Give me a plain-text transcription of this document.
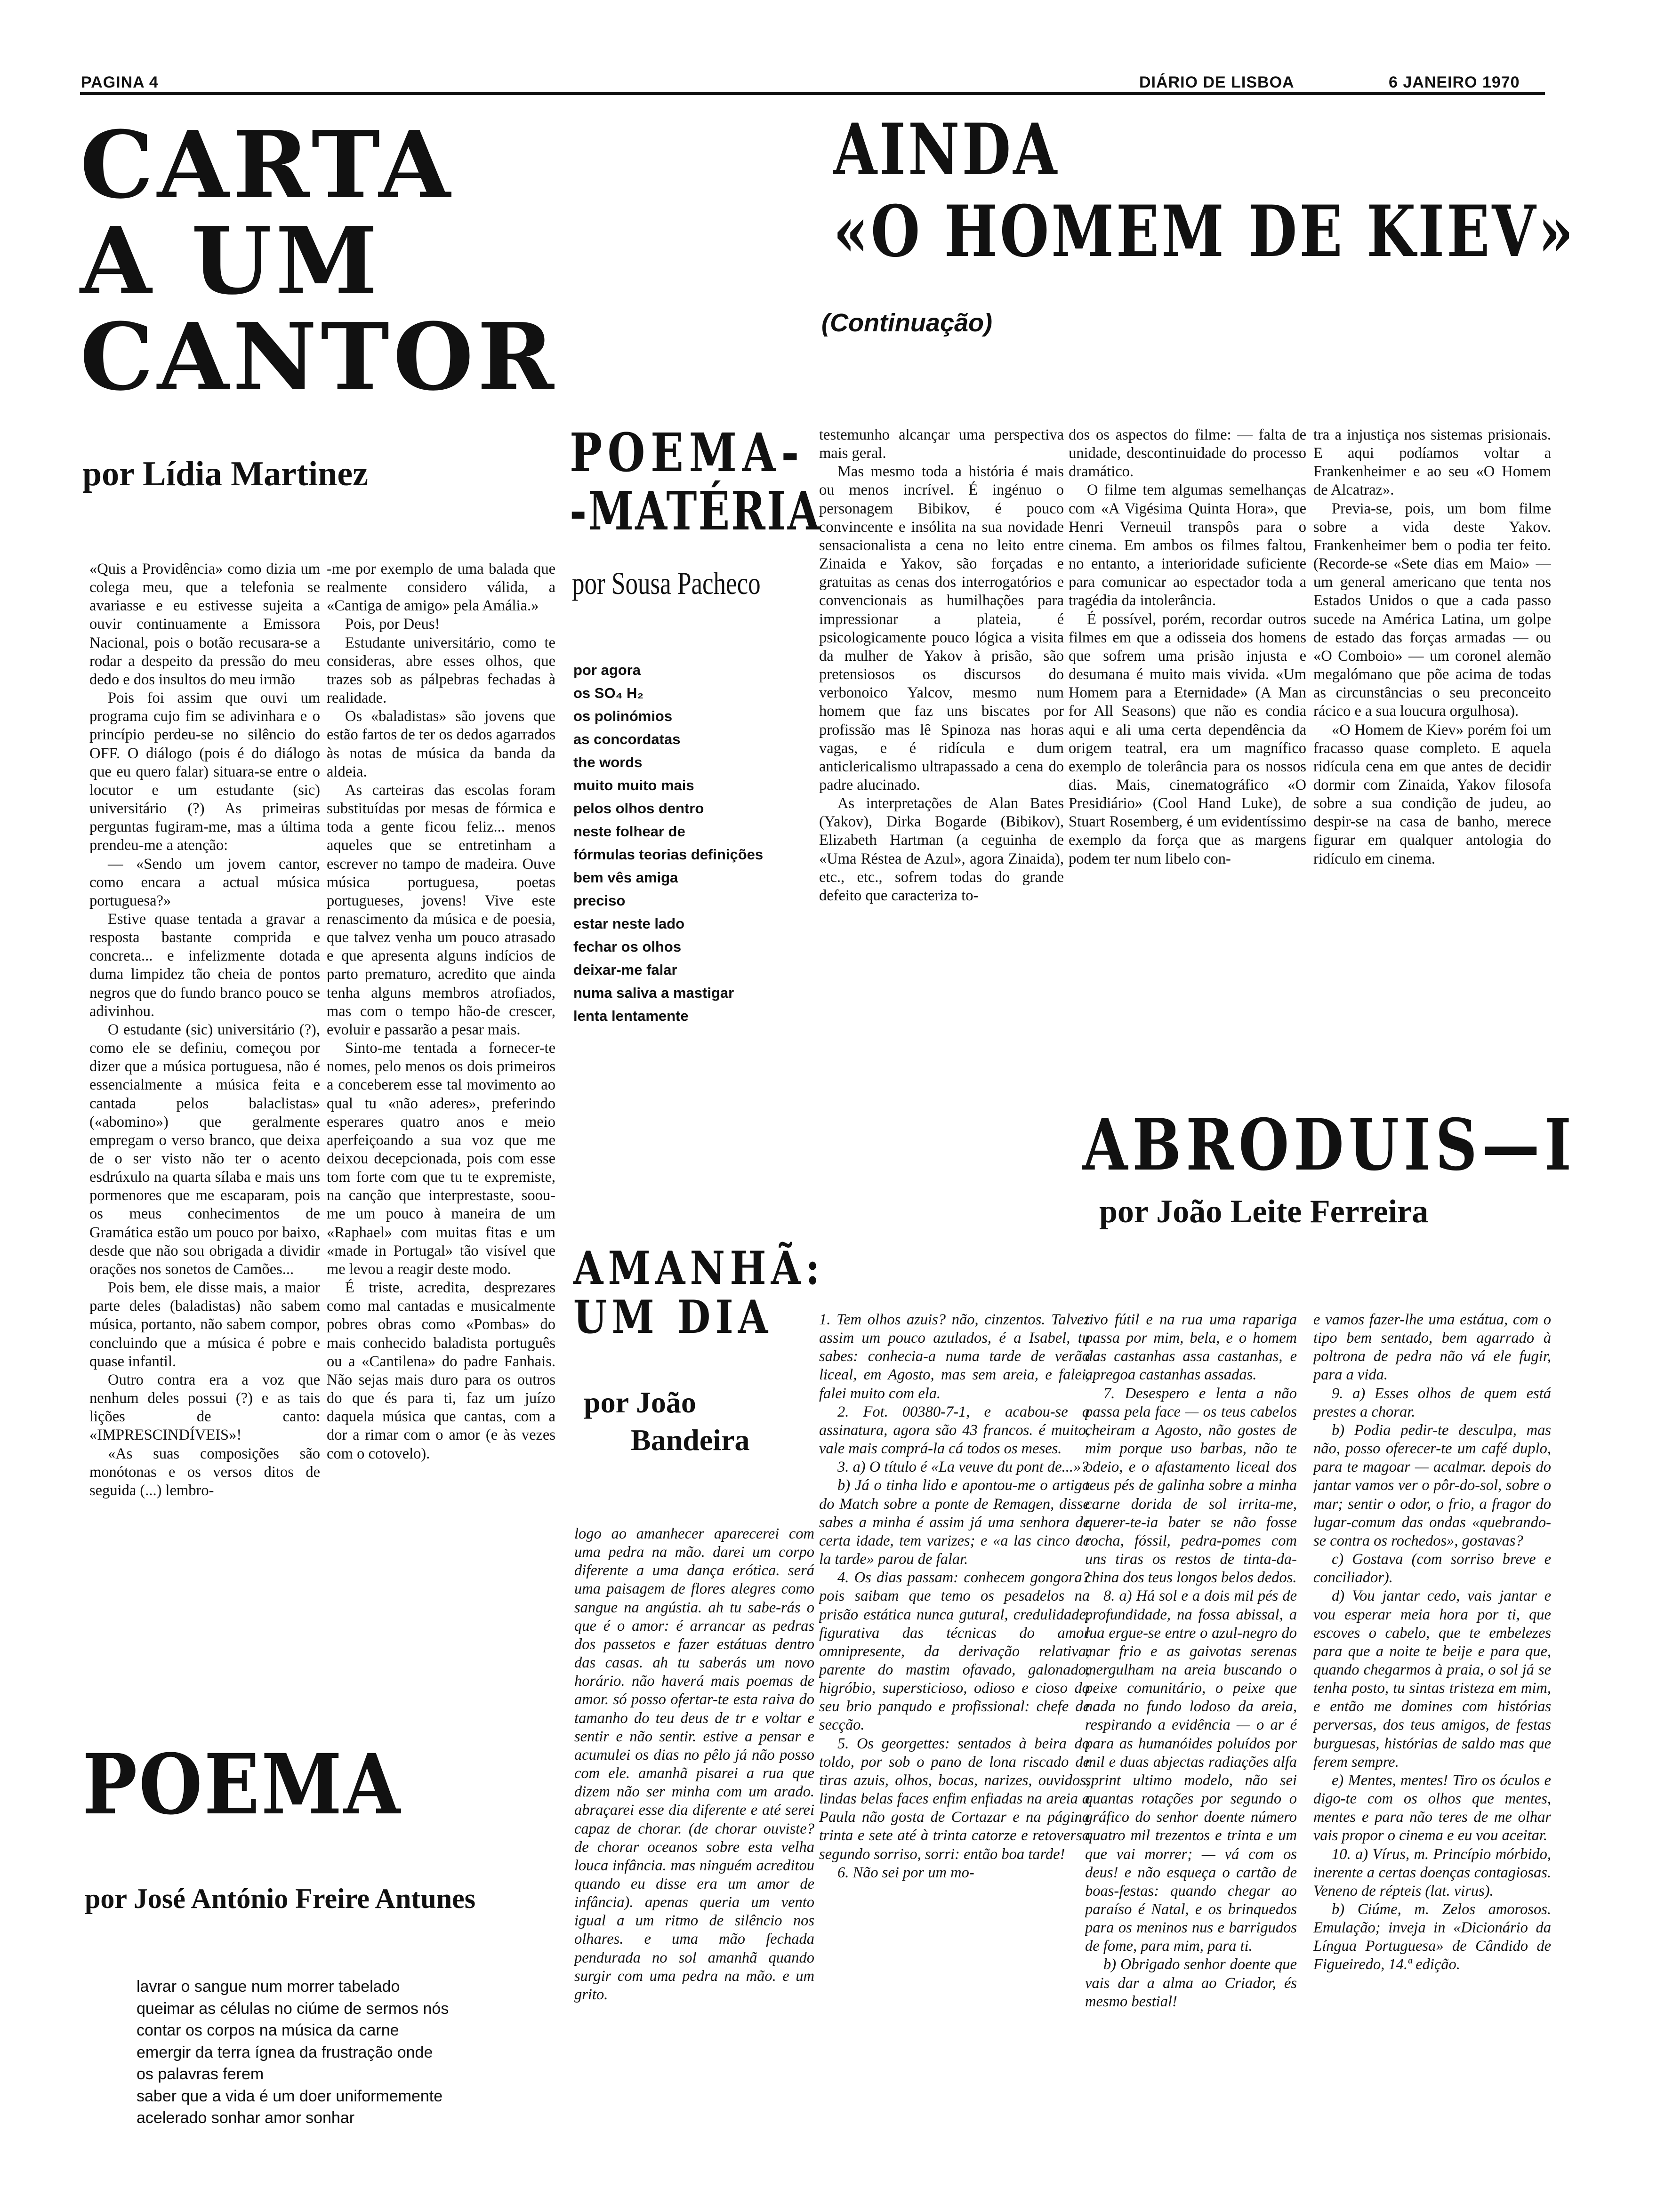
PAGINA 4	DIÁRIO DE LISBOA	6 JANEIRO 1970
CARTA
A UM
CANTOR
por Lídia Martinez

«Quis a Providência» como dizia um colega meu, que a telefonia se avariasse e eu estivesse sujeita a ouvir continuamente a Emissora Nacional, pois o botão recusara-se a rodar a despeito da pressão do meu dedo e dos insultos do meu irmão

Pois foi assim que ouvi um programa cujo fim se adivinhara e o princípio perdeu-se no silêncio do OFF. O diálogo (pois é do diálogo que eu quero falar) situara-se entre o locutor e um estudante (sic) universitário (?) As primeiras perguntas fugiram-me, mas a última prendeu-me a atenção:

— «Sendo um jovem cantor, como encara a actual música portuguesa?»

Estive quase tentada a gravar a resposta bastante comprida e concreta... e infelizmente dotada duma limpidez tão cheia de pontos negros que do fundo branco pouco se adivinhou.

O estudante (sic) universitário (?), como ele se definiu, começou por dizer que a música portuguesa, não é essencialmente a música feita e cantada pelos balaclistas» («abomino») que geralmente empregam o verso branco, que deixa de o ser visto não ter o acento esdrúxulo na quarta sílaba e mais uns pormenores que me escaparam, pois os meus conhecimentos de Gramática estão um pouco por baixo, desde que não sou obrigada a dividir orações nos sonetos de Camões...

Pois bem, ele disse mais, a maior parte deles (baladistas) não sabem música, portanto, não sabem compor, concluindo que a música é pobre e quase infantil.

Outro contra era a voz que nenhum deles possui (?) e as tais lições de canto: «IMPRESCINDÍVEIS»!

«As suas composições são monótonas e os versos ditos de seguida (...) lembro-

-me por exemplo de uma balada que realmente considero válida, a «Cantiga de amigo» pela Amália.»

Pois, por Deus!

Estudante universitário, como te consideras, abre esses olhos, que trazes sob as pálpebras fechadas à realidade.

Os «baladistas» são jovens que estão fartos de ter os dedos agarrados às notas de música da banda da aldeia.

As carteiras das escolas foram substituídas por mesas de fórmica e toda a gente ficou feliz... menos aqueles que se entretinham a escrever no tampo de madeira. Ouve música portuguesa, poetas portugueses, jovens! Vive este renascimento da música e de poesia, que talvez venha um pouco atrasado e que apresenta alguns indícios de parto prematuro, acredito que ainda tenha alguns membros atrofiados, mas com o tempo hão-de crescer, evoluir e passarão a pesar mais.

Sinto-me tentada a fornecer-te nomes, pelo menos os dois primeiros a conceberem esse tal movimento ao qual tu «não aderes», preferindo esperares quatro anos e meio aperfeiçoando a sua voz que me deixou decepcionada, pois com esse tom forte com que tu te expremiste, na canção que interprestaste, soou-me um pouco à maneira de um «Raphael» com muitas fitas e um «made in Portugal» tão visível que me levou a reagir deste modo.

É triste, acredita, desprezares como mal cantadas e musicalmente pobres obras como «Pombas» do mais conhecido baladista português ou a «Cantilena» do padre Fanhais. Não sejas mais duro para os outros do que és para ti, faz um juízo daquela música que cantas, com a dor a rimar com o amor (e às vezes com o cotovelo).

POEMA-
-MATÉRIA
por Sousa Pacheco
por agora
os SO₄ H₂
os polinómios
as concordatas
the words
muito muito mais
pelos olhos dentro
neste folhear de
fórmulas teorias definições
bem vês amiga
preciso
estar neste lado
fechar os olhos
deixar-me falar
numa saliva a mastigar
lenta lentamente
AINDA
«O HOMEM DE KIEV»
(Continuação)

testemunho alcançar uma perspectiva mais geral.

Mas mesmo toda a história é mais ou menos incrível. É ingénuo o personagem Bibikov, é pouco convincente e insólita na sua novidade sensacionalista a cena no leito entre Zinaida e Yakov, são forçadas e gratuitas as cenas dos interrogatórios e convencionais as humilhações para impressionar a plateia, é psicologicamente pouco lógica a visita da mulher de Yakov à prisão, são pretensiosos os discursos do verbonoico Yalcov, mesmo num homem que faz uns biscates por profissão mas lê Spinoza nas horas vagas, e é ridícula e dum anticlericalismo ultrapassado a cena do padre alucinado.

As interpretações de Alan Bates (Yakov), Dirka Bogarde (Bibikov), Elizabeth Hartman (a ceguinha de «Uma Réstea de Azul», agora Zinaida), etc., etc., sofrem todas do grande defeito que caracteriza to-

dos os aspectos do filme: — falta de unidade, descontinuidade do processo dramático.

O filme tem algumas semelhanças com «A Vigésima Quinta Hora», que Henri Verneuil transpôs para o cinema. Em ambos os filmes faltou, no entanto, a interioridade suficiente para comunicar ao espectador toda a tragédia da intolerância.

É possível, porém, recordar outros filmes em que a odisseia dos homens que sofrem uma prisão injusta e desumana é muito mais vivida. «Um Homem para a Eternidade» (A Man for All Seasons) que não es condia aqui e ali uma certa dependência da origem teatral, era um magnífico exemplo de tolerância para os nossos dias. Mais, cinematográfico «O Presidiário» (Cool Hand Luke), de Stuart Rosemberg, é um evidentíssimo exemplo da força que as margens podem ter num libelo con-

tra a injustiça nos sistemas prisionais. E aqui podíamos voltar a Frankenheimer e ao seu «O Homem de Alcatraz».

Previa-se, pois, um bom filme sobre a vida deste Yakov. Frankenheimer bem o podia ter feito. (Recorde-se «Sete dias em Maio» — um general americano que tenta nos Estados Unidos o que a cada passo sucede na América Latina, um golpe de estado das forças armadas — ou «O Comboio» — um coronel alemão megalómano que põe acima de todas as circunstâncias o seu preconceito rácico e a sua loucura orgulhosa).

«O Homem de Kiev» porém foi um fracasso quase completo. E aquela ridícula cena em que antes de decidir dormir com Zinaida, Yakov filosofa sobre a sua condição de judeu, ao despir-se na casa de banho, merece figurar em qualquer antologia do ridículo em cinema.

ABRODUIS—I
por João Leite Ferreira

1. Tem olhos azuis? não, cinzentos. Talvez assim um pouco azulados, é a Isabel, tu sabes: conhecia-a numa tarde de verão liceal, em Agosto, mas sem areia, e falei, falei muito com ela.

2. Fot. 00380-7-1, e acabou-se a assinatura, agora são 43 francos. é muito, vale mais comprá-la cá todos os meses.

3. a) O título é «La veuve du pont de...»?

b) Já o tinha lido e apontou-me o artigo do Match sobre a ponte de Remagen, disse sabes a minha é assim já uma senhora de certa idade, tem varizes; e «a las cinco de la tarde» parou de falar.

4. Os dias passam: conhecem gongora? pois saibam que temo os pesadelos na prisão estática nunca gutural, credulidade, figurativa das técnicas do amor omnipresente, da derivação relativa, parente do mastim ofavado, galonado, higróbio, supersticioso, odioso e cioso do seu brio panqudo e profissional: chefe de secção.

5. Os georgettes: sentados à beira do toldo, por sob o pano de lona riscado de tiras azuis, olhos, bocas, narizes, ouvidos, lindas belas faces enfim enfiadas na areia a Paula não gosta de Cortazar e na página trinta e sete até à trinta catorze e retoverso segundo sorriso, sorri: então boa tarde!

6. Não sei por um mo-

tivo fútil e na rua uma rapariga passa por mim, bela, e o homem das castanhas assa castanhas, e apregoa castanhas assadas.

7. Desespero e lenta a não passa pela face — os teus cabelos cheiram a Agosto, não gostes de mim porque uso barbas, não te odeio, e o afastamento liceal dos teus pés de galinha sobre a minha carne dorida de sol irrita-me, querer-te-ia bater se não fosse rocha, fóssil, pedra-pomes com uns tiras os restos de tinta-da-china dos teus longos belos dedos.

8. a) Há sol e a dois mil pés de profundidade, na fossa abissal, a lua ergue-se entre o azul-negro do mar frio e as gaivotas serenas mergulham na areia buscando o peixe comunitário, o peixe que nada no fundo lodoso da areia, respirando a evidência — o ar é para as humanóides poluídos por mil e duas abjectas radiações alfa sprint ultimo modelo, não sei quantas rotações por segundo o gráfico do senhor doente número quatro mil trezentos e trinta e um que vai morrer; — vá com os deus! e não esqueça o cartão de boas-festas: quando chegar ao paraíso é Natal, e os brinquedos para os meninos nus e barrigudos de fome, para mim, para ti.

b) Obrigado senhor doente que vais dar a alma ao Criador, és mesmo bestial!

e vamos fazer-lhe uma estátua, com o tipo bem sentado, bem agarrado à poltrona de pedra não vá ele fugir, para a vida.

9. a) Esses olhos de quem está prestes a chorar.

b) Podia pedir-te desculpa, mas não, posso oferecer-te um café duplo, para te magoar — acalmar. depois do jantar vamos ver o pôr-do-sol, sobre o mar; sentir o odor, o frio, a fragor do lugar-comum das ondas «quebrando-se contra os rochedos», gostavas?

c) Gostava (com sorriso breve e conciliador).

d) Vou jantar cedo, vais jantar e vou esperar meia hora por ti, que escoves o cabelo, que te embelezes para que a noite te beije e para que, quando chegarmos à praia, o sol já se tenha posto, tu sintas tristeza em mim, e então me domines com histórias perversas, dos teus amigos, de festas burguesas, histórias de saldo mas que ferem sempre.

e) Mentes, mentes! Tiro os óculos e digo-te com os olhos que mentes, mentes e para não teres de me olhar vais propor o cinema e eu vou aceitar.

10. a) Vírus, m. Princípio mórbido, inerente a certas doenças contagiosas. Veneno de répteis (lat. virus).

b) Ciúme, m. Zelos amorosos. Emulação; inveja in «Dicionário da Língua Portuguesa» de Cândido de Figueiredo, 14.ª edição.

AMANHÃ:
UM DIA
por João
Bandeira

logo ao amanhecer aparecerei com uma pedra na mão. darei um corpo diferente a uma dança erótica. será uma paisagem de flores alegres como sangue na angústia. ah tu sabe-rás o que é o amor: é arrancar as pedras dos passetos e fazer estátuas dentro das casas. ah tu saberás um novo horário. não haverá mais poemas de amor. só posso ofertar-te esta raiva do tamanho do teu deus de tr e voltar e sentir e não sentir. estive a pensar e acumulei os dias no pêlo já não posso com ele. amanhã pisarei a rua que dizem não ser minha com um arado. abraçarei esse dia diferente e até serei capaz de chorar. (de chorar ouviste? de chorar oceanos sobre esta velha louca infância. mas ninguém acreditou quando eu disse era um amor de infância). apenas queria um vento igual a um ritmo de silêncio nos olhares. e uma mão fechada pendurada no sol amanhã quando surgir com uma pedra na mão. e um grito.

POEMA
por José António Freire Antunes
lavrar o sangue num morrer tabelado
queimar as células no ciúme de sermos nós
contar os corpos na música da carne
emergir da terra ígnea da frustração onde
os palavras ferem
saber que a vida é um doer uniformemente
acelerado sonhar amor sonhar
